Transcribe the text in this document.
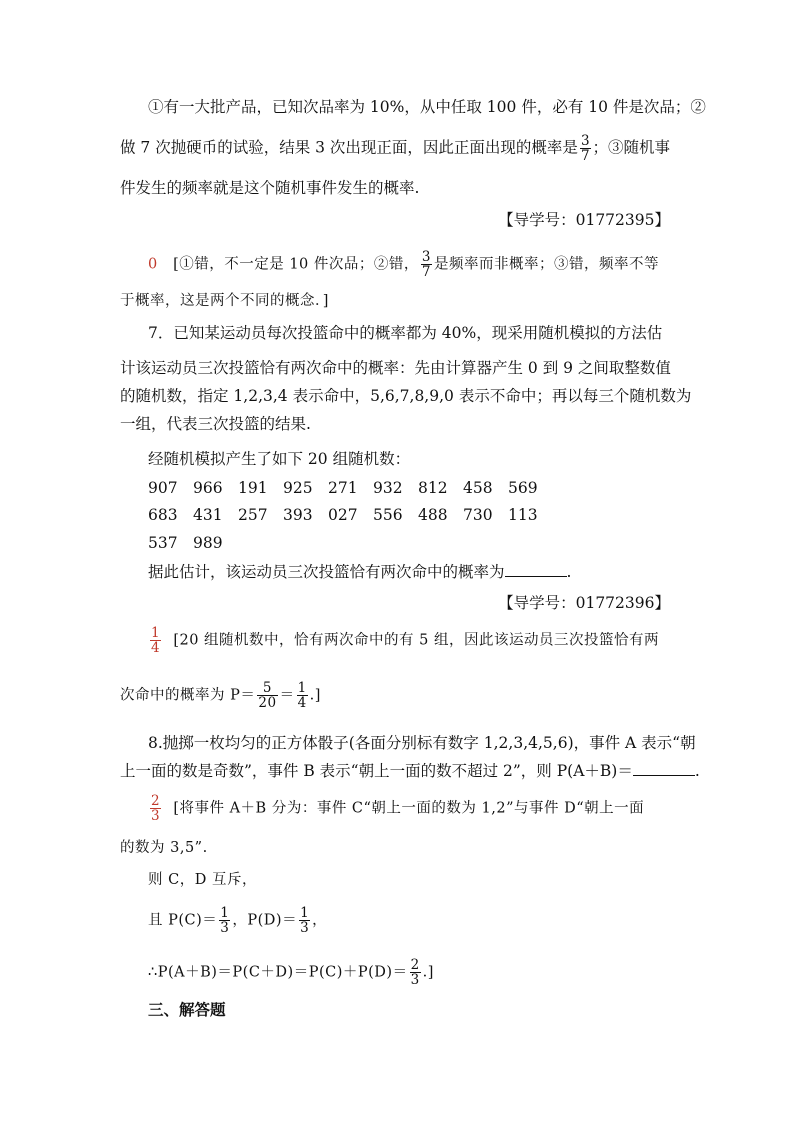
①有一大批产品，已知次品率为 10%，从中任取 100 件，必有 10 件是次品；②
做 7 次抛硬币的试验，结果 3 次出现正面，因此正面出现的概率是 $\frac{3}{7}$ ；③随机事
件发生的频率就是这个随机事件发生的概率.
【导学号：01772395】
0 [①错，不一定是 10 件次品；②错， $\frac{3}{7}$ 是频率而非概率；③错，频率不等
于概率，这是两个不同的概念．]
7．已知某运动员每次投篮命中的概率都为 40%，现采用随机模拟的方法估
计该运动员三次投篮恰有两次命中的概率：先由计算器产生 0 到 9 之间取整数值
的随机数，指定 1,2,3,4 表示命中，5,6,7,8,9,0 表示不命中；再以每三个随机数为
一组，代表三次投篮的结果.
经随机模拟产生了如下 20 组随机数：
907 966 191 925 271 932 812 458 569
683 431 257 393 027 556 488 730 113
537 989
据此估计，该运动员三次投篮恰有两次命中的概率为	.
【导学号：01772396】
$\frac{1}{4} [20$ 组随机数中，恰有两次命中的有 5 组，因此该运动员三次投篮恰有两
次命中的概率为 $P= \frac{5}{20} = \frac{1}{4}$ .]
8.抛掷一枚均匀的正方体骰子(各面分别标有数字 1,2,3,4,5,6)，事件 A 表示“朝
上一面的数是奇数”，事件 B 表示“朝上一面的数不超过 2”，则 P(A＋B)＝	.
$\frac{2}{3}$ [将事件 A＋B 分为：事件 C“朝上一面的数为 1,2”与事件 D“朝上一面
的数为 3,5”.
则 C，D 互斥，
且 $P(C)= \frac{1}{3}$ ，$P(D)= \frac{1}{3}$ ，
∴P(A＋B)＝P(C＋D)＝P(C)＋P(D)＝ $\frac{2}{3}$ .]
三、解答题
